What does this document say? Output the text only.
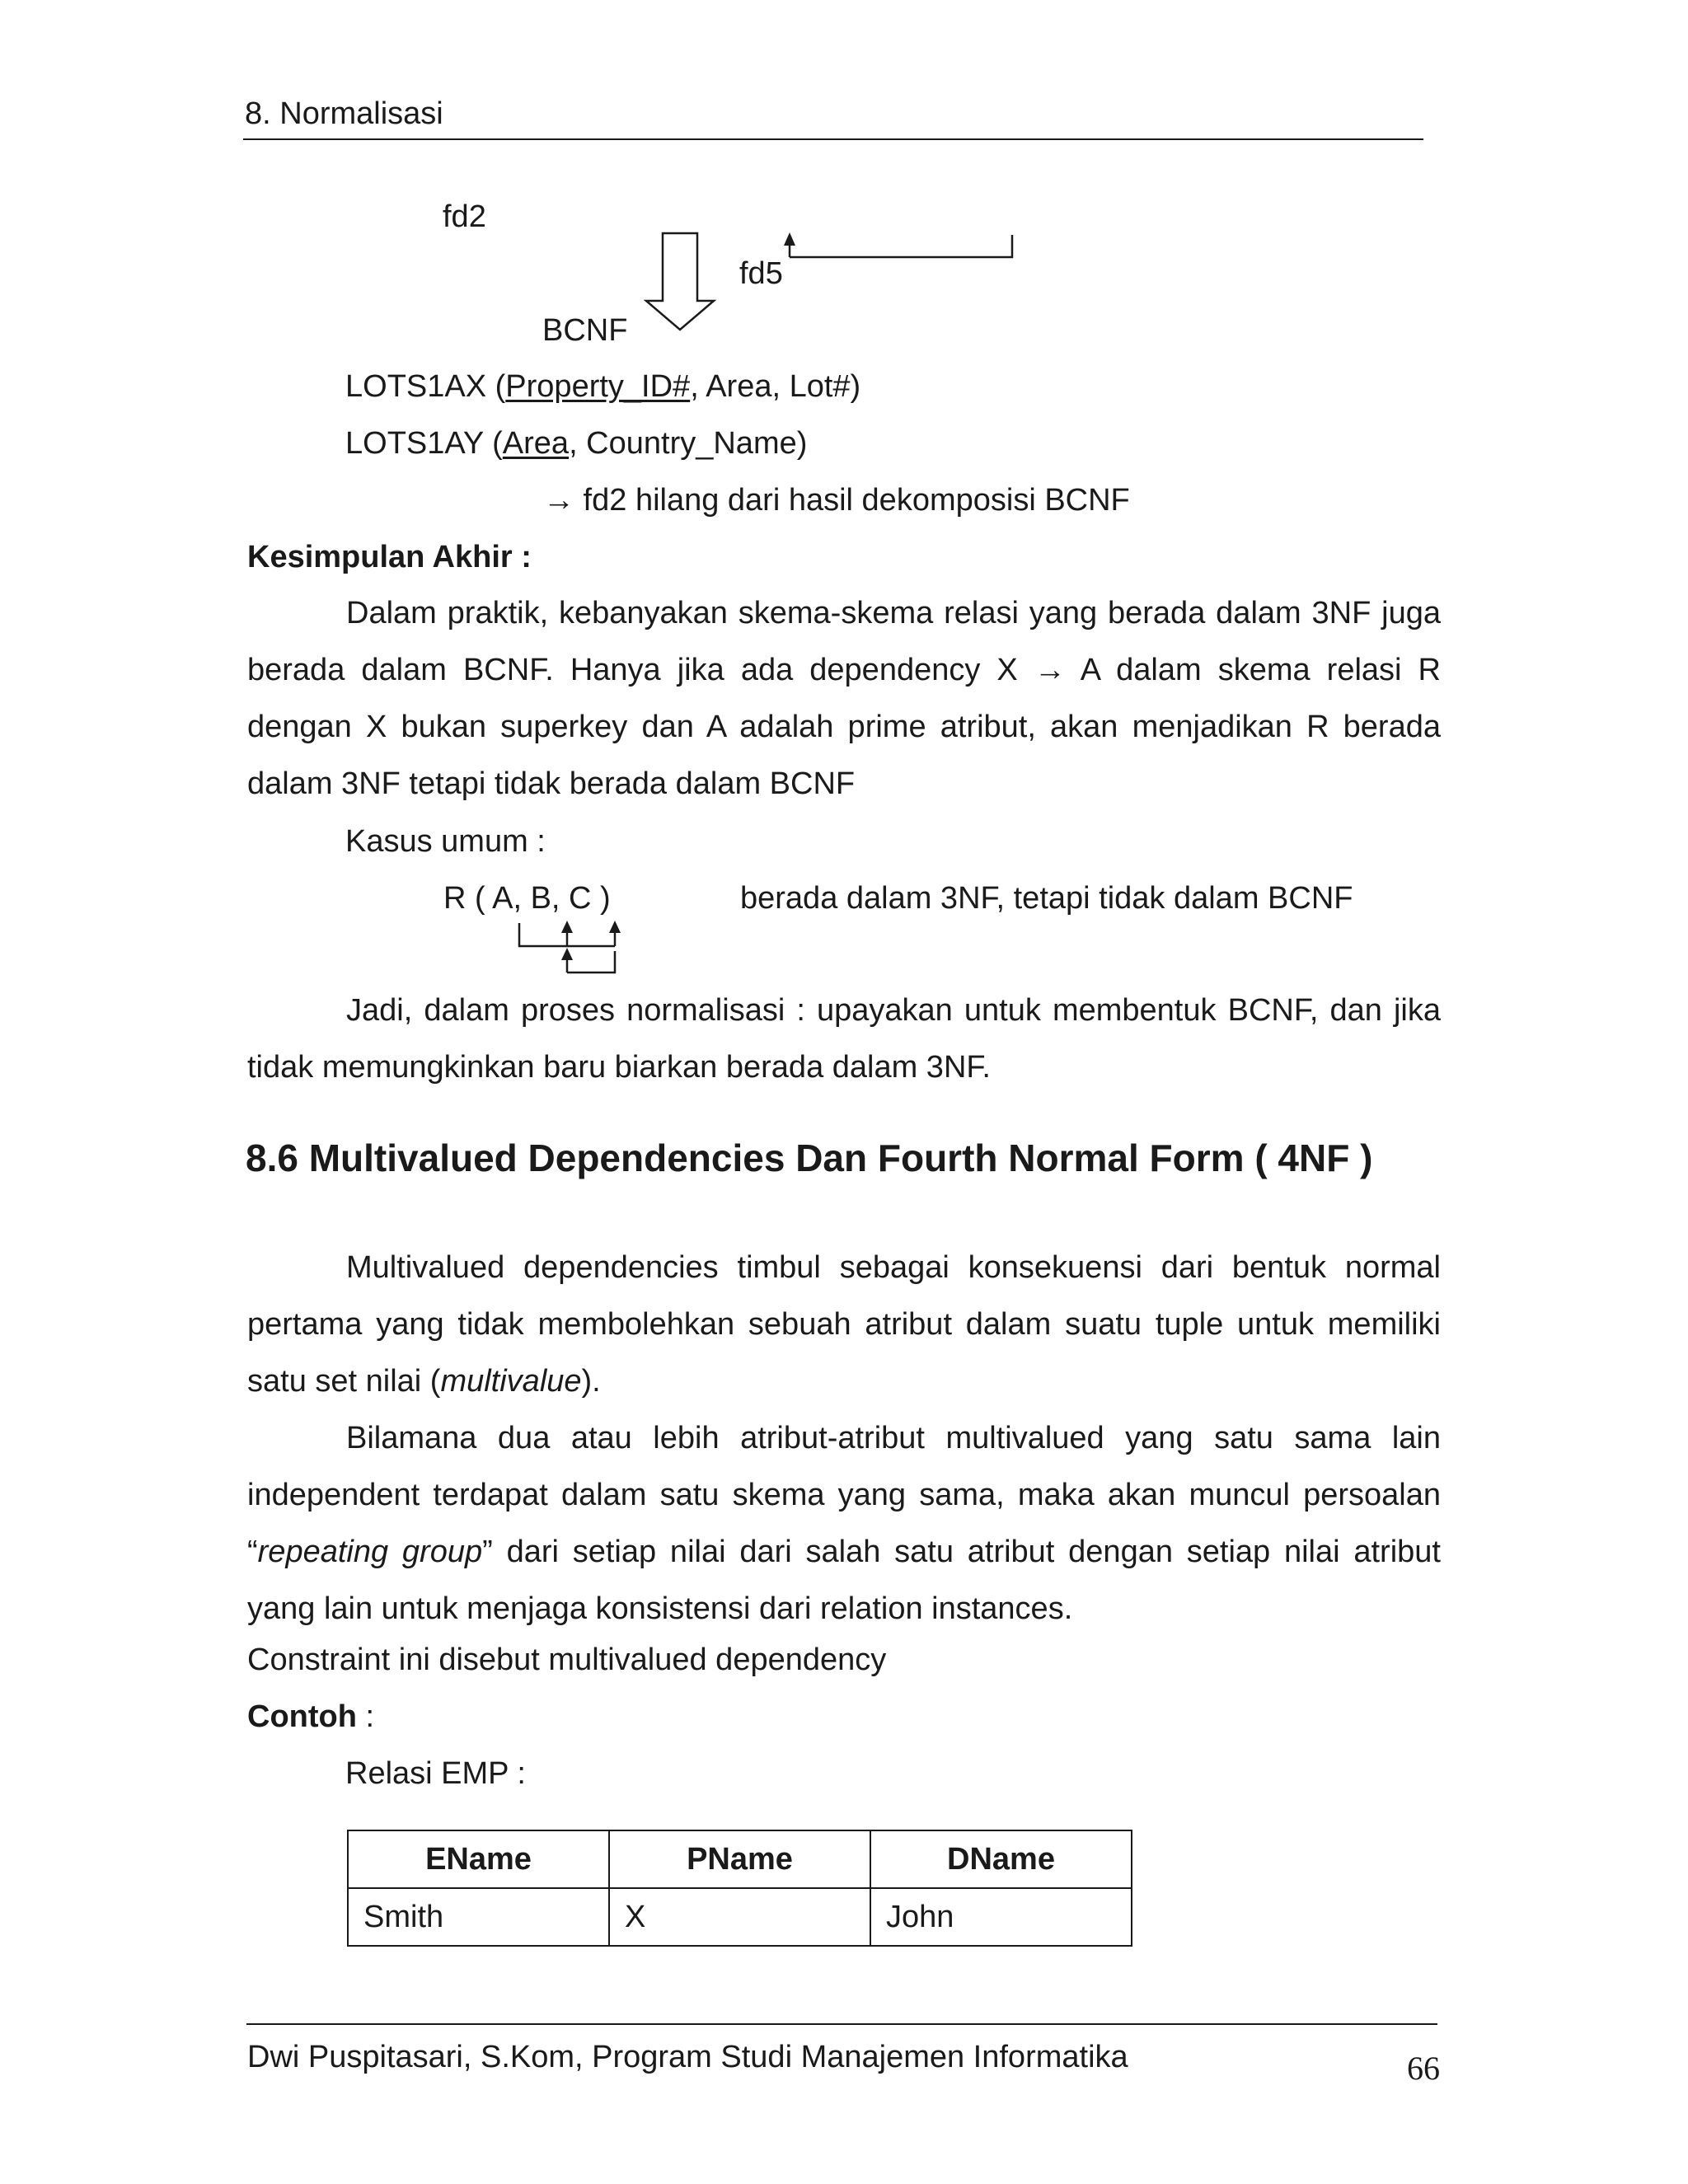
8. Normalisasi
fd2
fd5
BCNF
LOTS1AX (Property_ID#, Area, Lot#)
LOTS1AY (Area, Country_Name)
→ fd2 hilang dari hasil dekomposisi BCNF
Kesimpulan Akhir :
Dalam praktik, kebanyakan skema-skema relasi yang berada dalam 3NF juga berada dalam BCNF. Hanya jika ada dependency X → A dalam skema relasi R dengan X bukan superkey dan A adalah prime atribut, akan menjadikan R berada dalam 3NF tetapi tidak berada dalam BCNF
Kasus umum :
R ( A, B, C )	berada dalam 3NF, tetapi tidak dalam BCNF
Jadi, dalam proses normalisasi : upayakan untuk membentuk BCNF, dan jika tidak memungkinkan baru biarkan berada dalam 3NF.
8.6 Multivalued Dependencies Dan Fourth Normal Form ( 4NF )
Multivalued dependencies timbul sebagai konsekuensi dari bentuk normal pertama yang tidak membolehkan sebuah atribut dalam suatu tuple untuk memiliki satu set nilai (multivalue).
Bilamana dua atau lebih atribut-atribut multivalued yang satu sama lain independent terdapat dalam satu skema yang sama, maka akan muncul persoalan “repeating group” dari setiap nilai dari salah satu atribut dengan setiap nilai atribut yang lain untuk menjaga konsistensi dari relation instances.
Constraint ini disebut multivalued dependency
Contoh :
Relasi EMP :
EName	PName	DName
Smith	X	John
Dwi Puspitasari, S.Kom, Program Studi Manajemen Informatika	66
